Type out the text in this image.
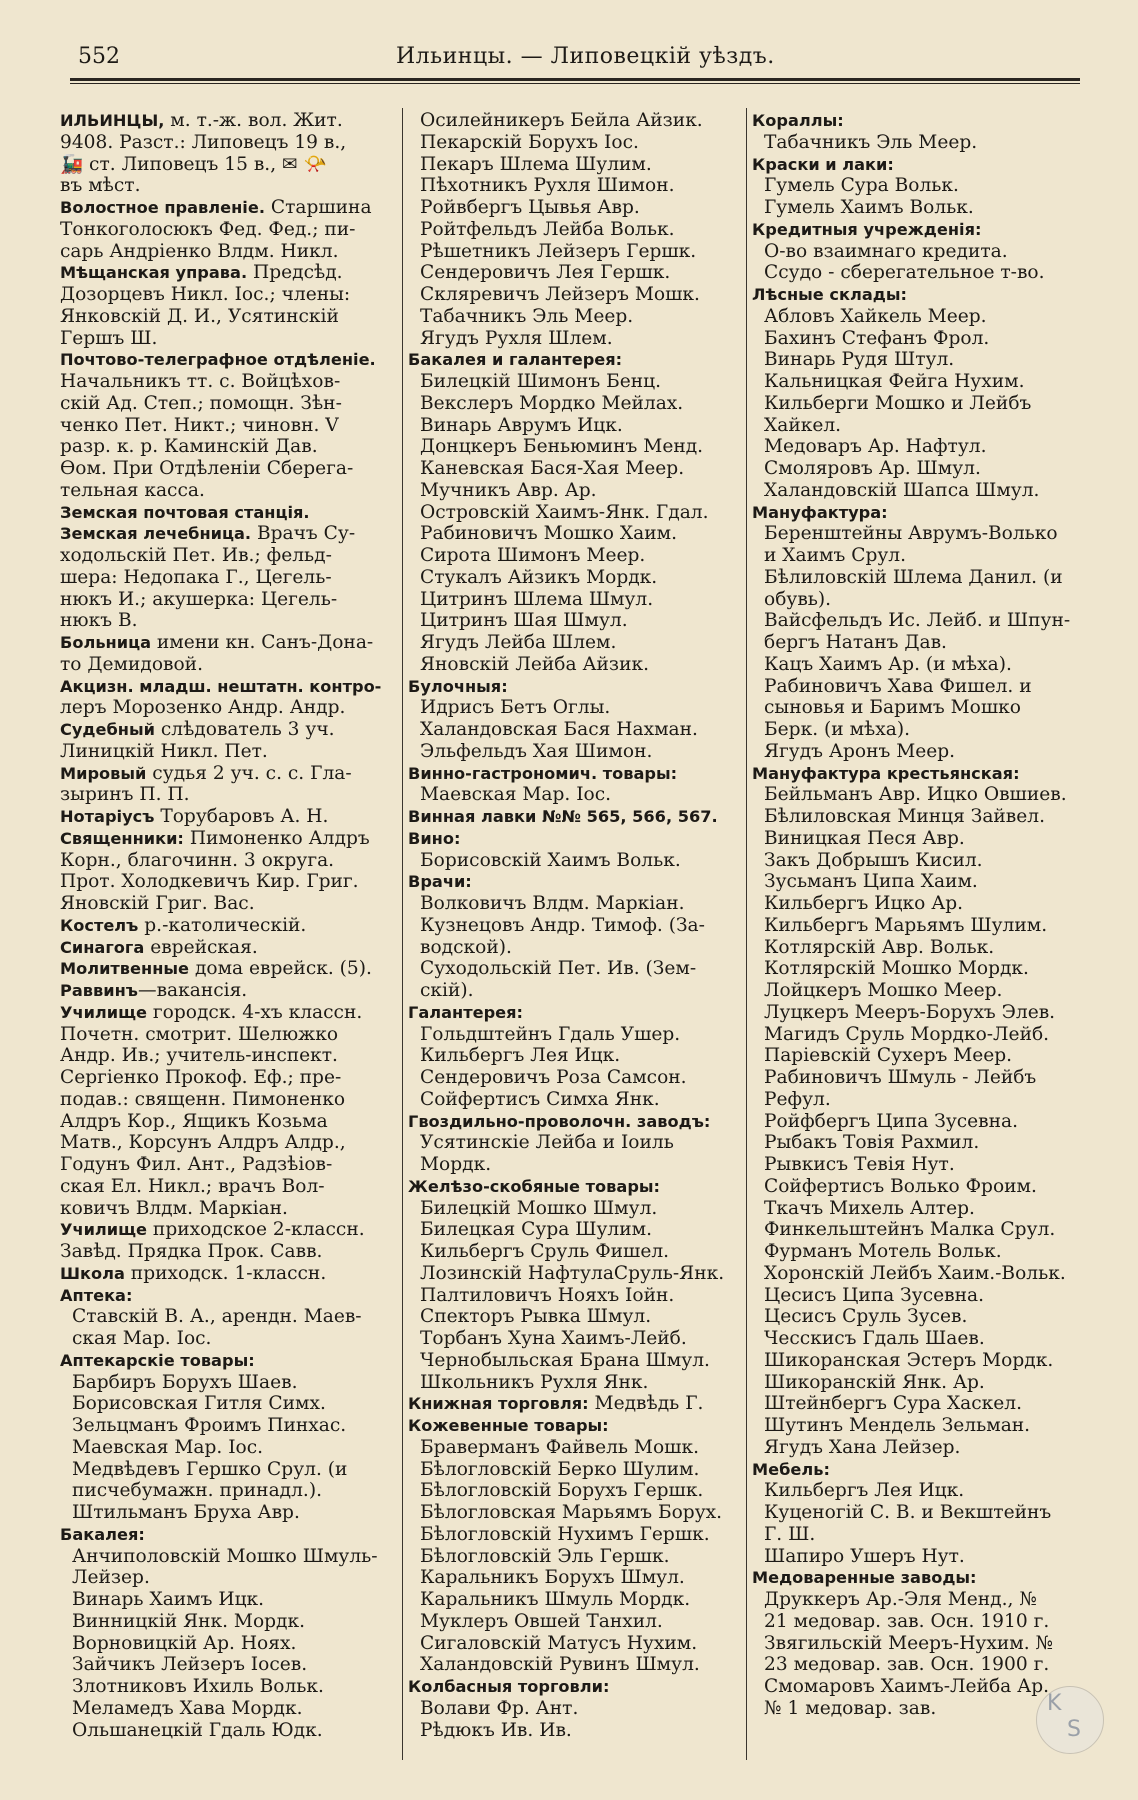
552	Ильинцы. — Липовецкій уѣздъ.
ИЛЬИНЦЫ, м. т.-ж. вол. Жит.
9408. Разст.: Липовецъ 19 в.,
🚂 ст. Липовецъ 15 в., ✉ 📯
въ мѣст.
Волостное правленіе. Старшина
Тонкоголосюкъ Фед. Фед.; пи-
сарь Андріенко Влдм. Никл.
Мѣщанская управа. Предсѣд.
Дозорцевъ Никл. Іос.; члены:
Янковскій Д. И., Усятинскій
Гершъ Ш.
Почтово-телеграфное отдѣленіе.
Начальникъ тт. с. Войцѣхов-
скій Ад. Степ.; помощн. Зѣн-
ченко Пет. Никт.; чиновн. V
разр. к. р. Каминскій Дав.
Ѳом. При Отдѣленіи Сберега-
тельная касса.
Земская почтовая станція.
Земская лечебница. Врачъ Су-
ходольскій Пет. Ив.; фельд-
шера: Недопака Г., Цегель-
нюкъ И.; акушерка: Цегель-
нюкъ В.
Больница имени кн. Санъ-Дона-
то Демидовой.
Акцизн. младш. нештатн. контро-
леръ Морозенко Андр. Андр.
Судебный слѣдователь 3 уч.
Линицкій Никл. Пет.
Мировый судья 2 уч. с. с. Гла-
зыринъ П. П.
Нотаріусъ Торубаровъ А. Н.
Священники: Пимоненко Алдръ
Корн., благочинн. 3 округа.
Прот. Холодкевичъ Кир. Григ.
Яновскій Григ. Вас.
Костелъ р.-католическій.
Синагога еврейская.
Молитвенные дома еврейск. (5).
Раввинъ—вакансія.
Училище городск. 4-хъ классн.
Почетн. смотрит. Шелюжко
Андр. Ив.; учитель-инспект.
Сергіенко Прокоф. Еф.; пре-
подав.: священн. Пимоненко
Алдръ Кор., Ящикъ Козьма
Матв., Корсунъ Алдръ Алдр.,
Годунъ Фил. Ант., Радзѣіов-
ская Ел. Никл.; врачъ Вол-
ковичъ Влдм. Маркіан.
Училище приходское 2-классн.
Завѣд. Прядка Прок. Савв.
Школа приходск. 1-классн.
Аптека:
Ставскій В. А., арендн. Маев-
ская Мар. Іос.
Аптекарскіе товары:
Барбиръ Борухъ Шаев.
Борисовская Гитля Симх.
Зельцманъ Фроимъ Пинхас.
Маевская Мар. Іос.
Медвѣдевъ Гершко Срул. (и
писчебумажн. принадл.).
Штильманъ Бруха Авр.
Бакалея:
Анчиполовскій Мошко Шмуль-
Лейзер.
Винарь Хаимъ Ицк.
Винницкій Янк. Мордк.
Ворновицкій Ар. Ноях.
Зайчикъ Лейзеръ Іосев.
Злотниковъ Ихиль Вольк.
Меламедъ Хава Мордк.
Ольшанецкій Гдаль Юдк.
Осилейникеръ Бейла Айзик.
Пекарскій Борухъ Іос.
Пекаръ Шлема Шулим.
Пѣхотникъ Рухля Шимон.
Ройвбергъ Цывья Авр.
Ройтфельдъ Лейба Вольк.
Рѣшетникъ Лейзеръ Гершк.
Сендеровичъ Лея Гершк.
Скляревичъ Лейзеръ Мошк.
Табачникъ Эль Меер.
Ягудъ Рухля Шлем.
Бакалея и галантерея:
Билецкій Шимонъ Бенц.
Векслеръ Мордко Мейлах.
Винарь Аврумъ Ицк.
Донцкеръ Беньюминъ Менд.
Каневская Бася-Хая Меер.
Мучникъ Авр. Ар.
Островскій Хаимъ-Янк. Гдал.
Рабиновичъ Мошко Хаим.
Сирота Шимонъ Меер.
Стукалъ Айзикъ Мордк.
Цитринъ Шлема Шмул.
Цитринъ Шая Шмул.
Ягудъ Лейба Шлем.
Яновскій Лейба Айзик.
Булочныя:
Идрисъ Бетъ Оглы.
Халандовская Бася Нахман.
Эльфельдъ Хая Шимон.
Винно-гастрономич. товары:
Маевская Мар. Іос.
Винная лавки №№ 565, 566, 567.
Вино:
Борисовскій Хаимъ Вольк.
Врачи:
Волковичъ Влдм. Маркіан.
Кузнецовъ Андр. Тимоф. (За-
водской).
Суходольскій Пет. Ив. (Зем-
скій).
Галантерея:
Гольдштейнъ Гдаль Ушер.
Кильбергъ Лея Ицк.
Сендеровичъ Роза Самсон.
Сойфертисъ Симха Янк.
Гвоздильно-проволочн. заводъ:
Усятинскіе Лейба и Іоиль
Мордк.
Желѣзо-скобяные товары:
Билецкій Мошко Шмул.
Билецкая Сура Шулим.
Кильбергъ Сруль Фишел.
Лозинскій НафтулаСруль-Янк.
Палтиловичъ Нояхъ Іойн.
Спекторъ Рывка Шмул.
Торбанъ Хуна Хаимъ-Лейб.
Чернобыльская Брана Шмул.
Школьникъ Рухля Янк.
Книжная торговля: Медвѣдь Г.
Кожевенные товары:
Браверманъ Файвель Мошк.
Бѣлогловскій Берко Шулим.
Бѣлогловскій Борухъ Гершк.
Бѣлогловская Марьямъ Борух.
Бѣлогловскій Нухимъ Гершк.
Бѣлогловскій Эль Гершк.
Каральникъ Борухъ Шмул.
Каральникъ Шмуль Мордк.
Муклеръ Овшей Танхил.
Сигаловскій Матусъ Нухим.
Халандовскій Рувинъ Шмул.
Колбасныя торговли:
Волави Фр. Ант.
Рѣдюкъ Ив. Ив.
Кораллы:
Табачникъ Эль Меер.
Краски и лаки:
Гумель Сура Вольк.
Гумель Хаимъ Вольк.
Кредитныя учрежденія:
О-во взаимнаго кредита.
Ссудо - сберегательное т-во.
Лѣсные склады:
Абловъ Хайкель Меер.
Бахинъ Стефанъ Фрол.
Винарь Рудя Штул.
Кальницкая Фейга Нухим.
Кильберги Мошко и Лейбъ
Хайкел.
Медоваръ Ар. Нафтул.
Смоляровъ Ар. Шмул.
Халандовскій Шапса Шмул.
Мануфактура:
Беренштейны Аврумъ-Волько
и Хаимъ Срул.
Бѣлиловскій Шлема Данил. (и
обувь).
Вайсфельдъ Ис. Лейб. и Шпун-
бергъ Натанъ Дав.
Кацъ Хаимъ Ар. (и мѣха).
Рабиновичъ Хава Фишел. и
сыновья и Баримъ Мошко
Берк. (и мѣха).
Ягудъ Аронъ Меер.
Мануфактура крестьянская:
Бейльманъ Авр. Ицко Овшиев.
Бѣлиловская Минця Зайвел.
Виницкая Песя Авр.
Закъ Добрышъ Кисил.
Зусьманъ Ципа Хаим.
Кильбергъ Ицко Ар.
Кильбергъ Марьямъ Шулим.
Котлярскій Авр. Вольк.
Котлярскій Мошко Мордк.
Лойцкеръ Мошко Меер.
Луцкеръ Мееръ-Борухъ Элев.
Магидъ Сруль Мордко-Лейб.
Паріевскій Сухеръ Меер.
Рабиновичъ Шмуль - Лейбъ
Рефул.
Ройфбергъ Ципа Зусевна.
Рыбакъ Товія Рахмил.
Рывкисъ Тевія Нут.
Сойфертисъ Волько Фроим.
Ткачъ Михель Алтер.
Финкельштейнъ Малка Срул.
Фурманъ Мотель Вольк.
Хоронскій Лейбъ Хаим.-Вольк.
Цесисъ Ципа Зусевна.
Цесисъ Сруль Зусев.
Чесскисъ Гдаль Шаев.
Шикоранская Эстеръ Мордк.
Шикоранскій Янк. Ар.
Штейнбергъ Сура Хаскел.
Шутинъ Мендель Зельман.
Ягудъ Хана Лейзер.
Мебель:
Кильбергъ Лея Ицк.
Куценогій С. В. и Векштейнъ
Г. Ш.
Шапиро Ушеръ Нут.
Медоваренные заводы:
Друккеръ Ар.-Эля Менд., №
21 медовар. зав. Осн. 1910 г.
Звягильскій Мееръ-Нухим. №
23 медовар. зав. Осн. 1900 г.
Смомаровъ Хаимъ-Лейба Ар.
№ 1 медовар. зав.	K
S
